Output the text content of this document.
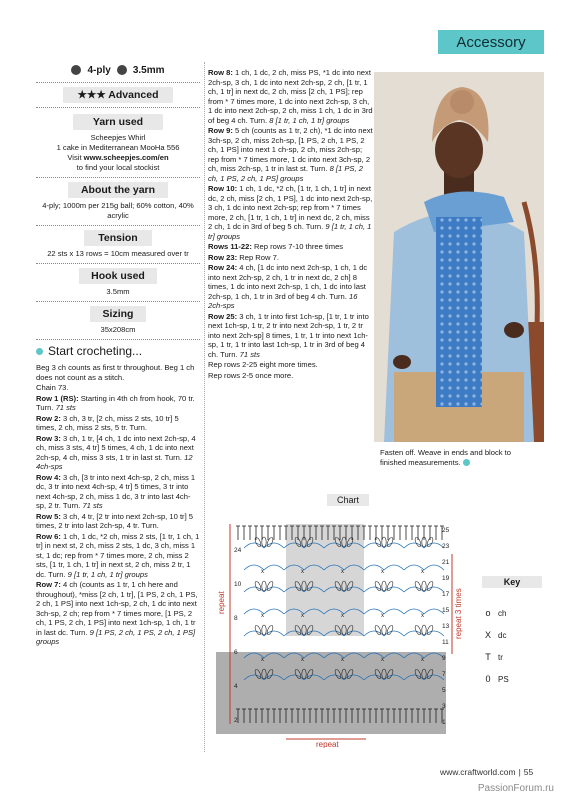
Accessory
4-ply 3.5mm
★★★ Advanced
Yarn used
Scheepjes Whirl
1 cake in Mediterranean MooHa 556
Visit www.scheepjes.com/en
to find your local stockist
About the yarn
4-ply; 1000m per 215g ball; 60% cotton, 40% acrylic
Tension
22 sts x 13 rows = 10cm measured over tr
Hook used
3.5mm
Sizing
35x208cm
Start crocheting...

Beg 3 ch counts as first tr throughout. Beg 1 ch does not count as a stitch.

Chain 73.

Row 1 (RS): Starting in 4th ch from hook, 70 tr. Turn. 71 sts

Row 2: 3 ch, 3 tr, [2 ch, miss 2 sts, 10 tr] 5 times, 2 ch, miss 2 sts, 5 tr. Turn.

Row 3: 3 ch, 1 tr, [4 ch, 1 dc into next 2ch-sp, 4 ch, miss 3 sts, 4 tr] 5 times, 4 ch, 1 dc into next 2ch-sp, 4 ch, miss 3 sts, 1 tr in last st. Turn. 12 4ch-sps

Row 4: 3 ch, [3 tr into next 4ch-sp, 2 ch, miss 1 dc, 3 tr into next 4ch-sp, 4 tr] 5 times, 3 tr into next 4ch-sp, 2 ch, miss 1 dc, 3 tr into last 4ch-sp, 2 tr. Turn. 71 sts

Row 5: 3 ch, 4 tr, [2 tr into next 2ch-sp, 10 tr] 5 times, 2 tr into last 2ch-sp, 4 tr. Turn.

Row 6: 1 ch, 1 dc, *2 ch, miss 2 sts, [1 tr, 1 ch, 1 tr] in next st, 2 ch, miss 2 sts, 1 dc, 3 ch, miss 1 st, 1 dc; rep from * 7 times more, 2 ch, miss 2 sts, [1 tr, 1 ch, 1 tr] in next st, 2 ch, miss 2 tr, 1 dc. Turn. 9 [1 tr, 1 ch, 1 tr] groups

Row 7: 4 ch (counts as 1 tr, 1 ch here and throughout), *miss [2 ch, 1 tr], [1 PS, 2 ch, 1 PS, 2 ch, 1 PS] into next 1ch-sp, 2 ch, 1 dc into next 3ch-sp, 2 ch; rep from * 7 times more, [1 PS, 2 ch, 1 PS, 2 ch, 1 PS] into next 1ch-sp, 1 ch, 1 tr in last dc. Turn. 9 [1 PS, 2 ch, 1 PS, 2 ch, 1 PS] groups

Row 8: 1 ch, 1 dc, 2 ch, miss PS, *1 dc into next 2ch-sp, 3 ch, 1 dc into next 2ch-sp, 2 ch, [1 tr, 1 ch, 1 tr] in next dc, 2 ch, miss [2 ch, 1 PS]; rep from * 7 times more, 1 dc into next 2ch-sp, 3 ch, 1 dc into next 2ch-sp, 2 ch, miss 1 ch, 1 dc in 3rd of beg 4 ch. Turn. 8 [1 tr, 1 ch, 1 tr] groups

Row 9: 5 ch (counts as 1 tr, 2 ch), *1 dc into next 3ch-sp, 2 ch, miss 2ch-sp, [1 PS, 2 ch, 1 PS, 2 ch, 1 PS] into next 1 ch-sp, 2 ch, miss 2ch-sp; rep from * 7 times more, 1 dc into next 3ch-sp, 2 ch, miss 2ch-sp, 1 tr in last st. Turn. 8 [1 PS, 2 ch, 1 PS, 2 ch, 1 PS] groups

Row 10: 1 ch, 1 dc, *2 ch, [1 tr, 1 ch, 1 tr] in next dc, 2 ch, miss [2 ch, 1 PS], 1 dc into next 2ch-sp, 3 ch, 1 dc into next 2ch-sp; rep from * 7 times more, 2 ch, [1 tr, 1 ch, 1 tr] in next dc, 2 ch, miss 2 ch, 1 dc in 3rd of beg 5 ch. Turn. 9 [1 tr, 1 ch, 1 tr] groups

Rows 11-22: Rep rows 7-10 three times

Row 23: Rep Row 7.

Row 24: 4 ch, [1 dc into next 2ch-sp, 1 ch, 1 dc into next 2ch-sp, 2 ch, 1 tr in next dc, 2 ch] 8 times, 1 dc into next 2ch-sp, 1 ch, 1 dc into last 2ch-sp, 1 ch, 1 tr in 3rd of beg 4 ch. Turn. 16 2ch-sps

Row 25: 3 ch, 1 tr into first 1ch-sp, [1 tr, 1 tr into next 1ch-sp, 1 tr, 2 tr into next 2ch-sp, 1 tr, 2 tr into next 2ch-sp] 8 times, 1 tr, 1 tr into next 1ch-sp, 1 tr, 1 tr into last 1ch-sp, 1 tr in 3rd of beg 4 ch. Turn. 71 sts

Rep rows 2-25 eight more times.

Rep rows 2-5 once more.

Fasten off. Weave in ends and block to finished measurements.
Chart
x	x	x	x	x
x	x	x	x	x
x	x	x	x	x
25
23
21
19
17
15
13
11
9
7
5
3
1
24
10
8
6
4
2
repeat	repeat 3 times
repeat
Key
o ch
X dc
T tr
0 PS
www.craftworld.com | 55
PassionForum.ru
